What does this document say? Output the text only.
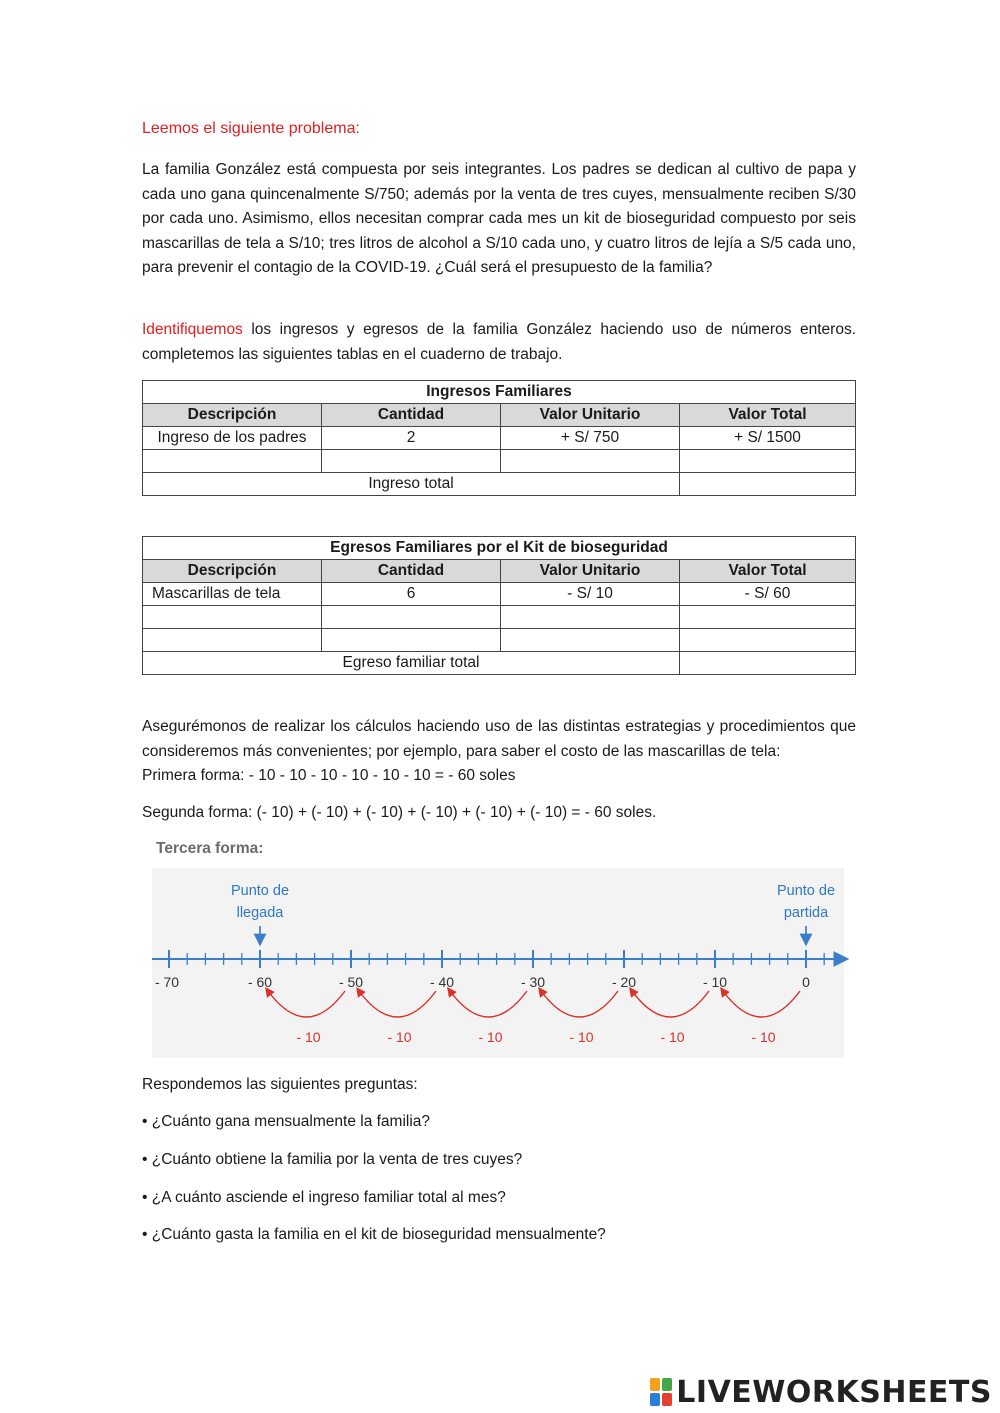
Leemos el siguiente problema:

La familia González está compuesta por seis integrantes. Los padres se dedican al cultivo de papa y cada uno gana quincenalmente S/750; además por la venta de tres cuyes, mensualmente reciben S/30 por cada uno. Asimismo, ellos necesitan comprar cada mes un kit de bioseguridad compuesto por seis mascarillas de tela a S/10; tres litros de alcohol a S/10 cada uno, y cuatro litros de lejía a S/5 cada uno, para prevenir el contagio de la COVID-19. ¿Cuál será el presupuesto de la familia?

Identifiquemos los ingresos y egresos de la familia González haciendo uso de números enteros. completemos las siguientes tablas en el cuaderno de trabajo.

Ingresos Familiares			
Descripción	Cantidad	Valor Unitario	Valor Total
Ingreso de los padres	2	+ S/ 750	+ S/ 1500

Ingreso total			
Egresos Familiares por el Kit de bioseguridad			
Descripción	Cantidad	Valor Unitario	Valor Total
Mascarillas de tela	6	- S/ 10	- S/ 60

Egreso familiar total			

Asegurémonos de realizar los cálculos haciendo uso de las distintas estrategias y procedimientos que consideremos más convenientes; por ejemplo, para saber el costo de las mascarillas de tela:
Primera forma: - 10 - 10 - 10 - 10 - 10 - 10 = - 60 soles

Segunda forma: (- 10) + (- 10) + (- 10) + (- 10) + (- 10) + (- 10) = - 60 soles.

Tercera forma:
Punto de
llegada
Punto de
partida
- 70	- 60	- 50	- 40	- 30	- 20	- 10	0
- 10
- 10
- 10
- 10
- 10
- 10
Respondemos las siguientes preguntas:
• ¿Cuánto gana mensualmente la familia?
• ¿Cuánto obtiene la familia por la venta de tres cuyes?
• ¿A cuánto asciende el ingreso familiar total al mes?
• ¿Cuánto gasta la familia en el kit de bioseguridad mensualmente?
LIVEWORKSHEETS
